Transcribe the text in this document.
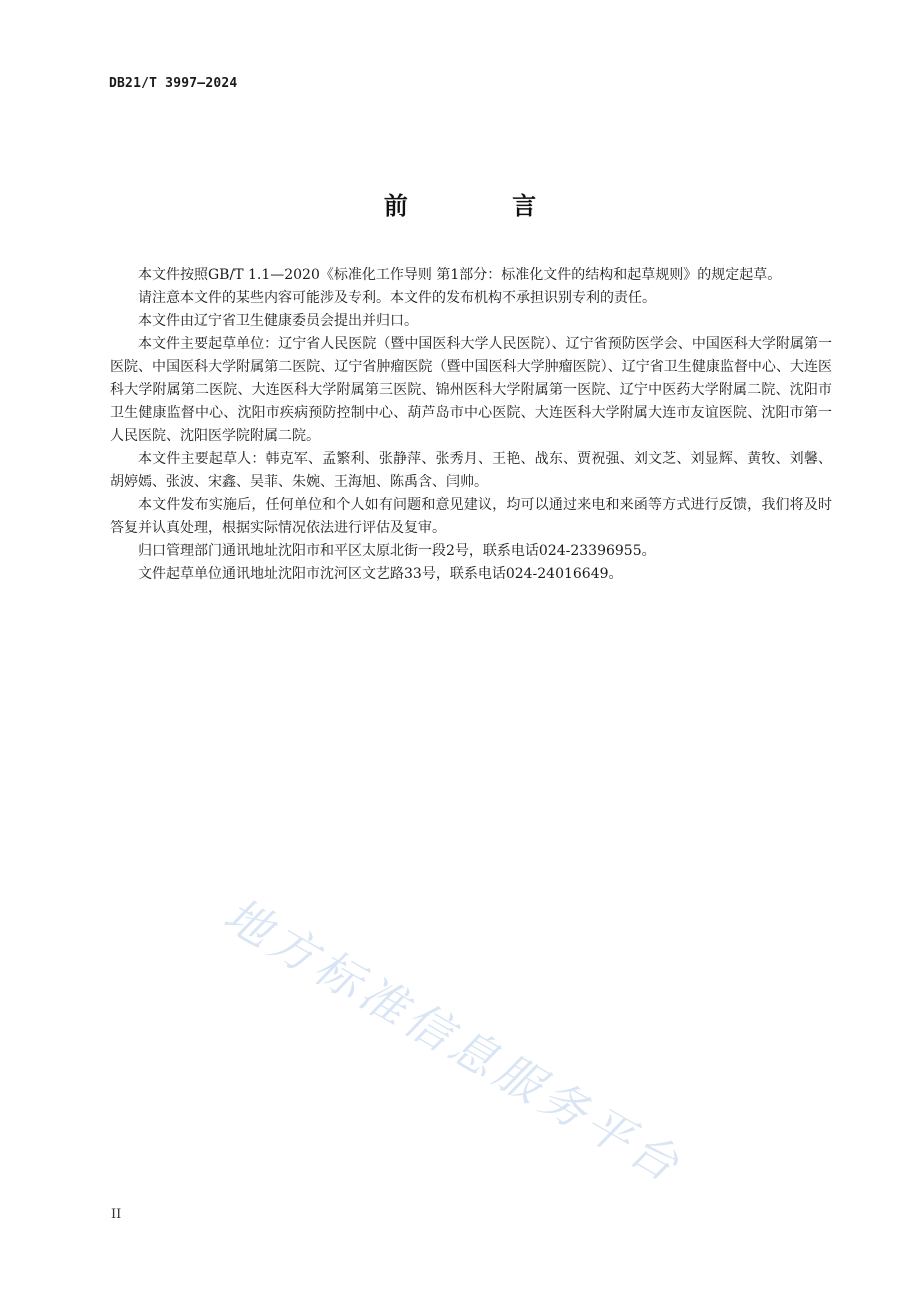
DB21/T 3997—2024
前 言

本文件按照GB/T 1.1—2020《标准化工作导则 第1部分：标准化文件的结构和起草规则》的规定起草。

请注意本文件的某些内容可能涉及专利。本文件的发布机构不承担识别专利的责任。

本文件由辽宁省卫生健康委员会提出并归口。

本文件主要起草单位：辽宁省人民医院（暨中国医科大学人民医院）、辽宁省预防医学会、中国医科大学附属第一医院、中国医科大学附属第二医院、辽宁省肿瘤医院（暨中国医科大学肿瘤医院）、辽宁省卫生健康监督中心、大连医科大学附属第二医院、大连医科大学附属第三医院、锦州医科大学附属第一医院、辽宁中医药大学附属二院、沈阳市卫生健康监督中心、沈阳市疾病预防控制中心、葫芦岛市中心医院、大连医科大学附属大连市友谊医院、沈阳市第一人民医院、沈阳医学院附属二院。

本文件主要起草人：韩克军、孟繁利、张静萍、张秀月、王艳、战东、贾祝强、刘文芝、刘显辉、黄牧、刘馨、胡婷嫣、张波、宋鑫、吴菲、朱婉、王海旭、陈禹含、闫帅。

本文件发布实施后，任何单位和个人如有问题和意见建议，均可以通过来电和来函等方式进行反馈，我们将及时答复并认真处理，根据实际情况依法进行评估及复审。

归口管理部门通讯地址沈阳市和平区太原北街一段2号，联系电话024-23396955。

文件起草单位通讯地址沈阳市沈河区文艺路33号，联系电话024-24016649。

地方标准信息服务平台
II
